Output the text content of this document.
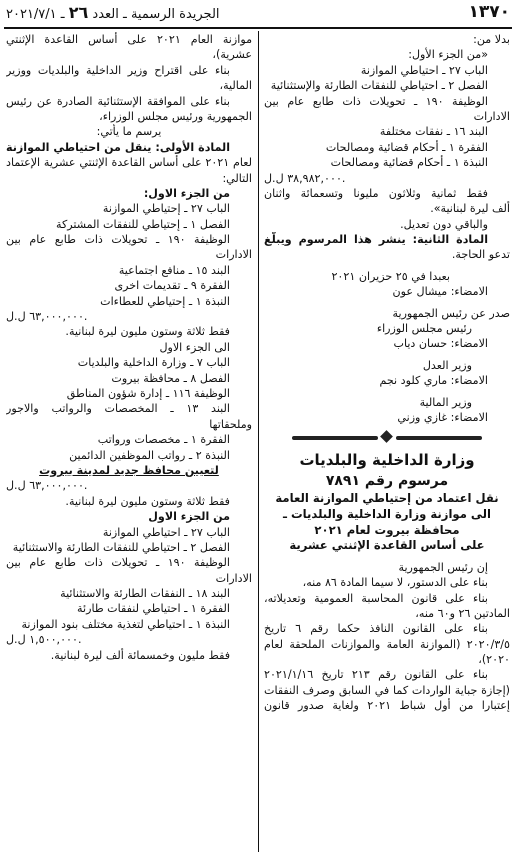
١٣٧٠
الجريدة الرسمية ـ العدد ٢٦ ـ ٢٠٢١/٧/١
بدلا من:
«من الجزء الأول:
الباب ٢٧ ـ احتياطي الموازنة
الفصل ٢ ـ احتياطي للنفقات الطارئة والإستثنائية
الوظيفة ١٩٠ ـ تحويلات ذات طابع عام بين
الادارات
البند ١٦ ـ نفقات مختلفة
الفقرة ١ ـ أحكام قضائية ومصالحات
النبذة ١ ـ أحكام قضائية ومصالحات
٣٨,٩٨٢,٠٠٠ ل.ل.
فقط ثمانية وثلاثون مليونا وتسعمائة واثنان
ألف ليرة لبنانية».
والباقي دون تعديل.
المادة الثانية: ينشر هذا المرسوم ويبلّغ
تدعو الحاجة.
بعبدا في ٢٥ حزيران ٢٠٢١
الامضاء: ميشال عون
صدر عن رئيس الجمهورية
رئيس مجلس الوزراء
الامضاء: حسان دياب
وزير العدل
الامضاء: ماري كلود نجم
وزير المالية
الامضاء: غازي وزني
وزارة الداخلية والبلديات
مرسوم رقم ٧٨٩١
نقل اعتماد من إحتياطي الموازنة العامة
الى موازنة وزارة الداخلية والبلديات ـ
محافظة بيروت لعام ٢٠٢١
على أساس القاعدة الإثنتي عشرية
إن رئيس الجمهورية
بناء على الدستور، لا سيما المادة ٨٦ منه،
بناء على قانون المحاسبة العمومية وتعديلاته،
المادتين ٢٦ و٦٠ منه،
بناء على القانون النافذ حكما رقم ٦ تاريخ
٢٠٢٠/٣/٥ (الموازنة العامة والموازنات الملحقة لعام
٢٠٢٠)،
بناء على القانون رقم ٢١٣ تاريخ ٢٠٢١/١/١٦
(إجازة جباية الواردات كما في السابق وصرف النفقات
إعتبارا من أول شباط ٢٠٢١ ولغاية صدور قانون
موازنة العام ٢٠٢١ على أساس القاعدة الإثنتي
عشرية)،
بناء على اقتراح وزير الداخلية والبلديات ووزير
المالية،
بناء على الموافقة الإستثنائية الصادرة عن رئيس
الجمهورية ورئيس مجلس الوزراء،
يرسم ما يأتي:
المادة الأولى: ينقل من احتياطي الموازنة
لعام ٢٠٢١ على أساس القاعدة الإثنتي عشرية الإعتماد
التالي:
من الجزء الاول:
الباب ٢٧ ـ إحتياطي الموازنة
الفصل ١ ـ إحتياطي للنفقات المشتركة
الوظيفة ١٩٠ ـ تحويلات ذات طابع عام بين
الادارات
البند ١٥ ـ منافع اجتماعية
الفقرة ٩ ـ تقديمات اخرى
النبذة ١ ـ إحتياطي للعطاءات
٦٣,٠٠٠,٠٠٠ ل.ل.
فقط ثلاثة وستون مليون ليرة لبنانية.
الى الجزء الاول
الباب ٧ ـ وزارة الداخلية والبلديات
الفصل ٨ ـ محافظة بيروت
الوظيفة ١١٦ ـ إدارة شؤون المناطق
البند ١٣ ـ المخصصات والرواتب والاجور
وملحقاتها
الفقرة ١ ـ مخصصات ورواتب
النبذة ٢ ـ رواتب الموظفين الدائمين
لتعيين محافظ جديد لمدينة بيروت
٦٣,٠٠٠,٠٠٠ ل.ل.
فقط ثلاثة وستون مليون ليرة لبنانية.
من الجزء الاول
الباب ٢٧ ـ احتياطي الموازنة
الفصل ٢ ـ احتياطي للنفقات الطارئة والاستثنائية
الوظيفة ١٩٠ ـ تحويلات ذات طابع عام بين
الادارات
البند ١٨ ـ النفقات الطارئة والاستثنائية
الفقرة ١ ـ احتياطي لنفقات طارئة
النبذة ١ ـ احتياطي لتغذية مختلف بنود الموازنة
١,٥٠٠,٠٠٠ ل.ل.
فقط مليون وخمسمائة ألف ليرة لبنانية.
